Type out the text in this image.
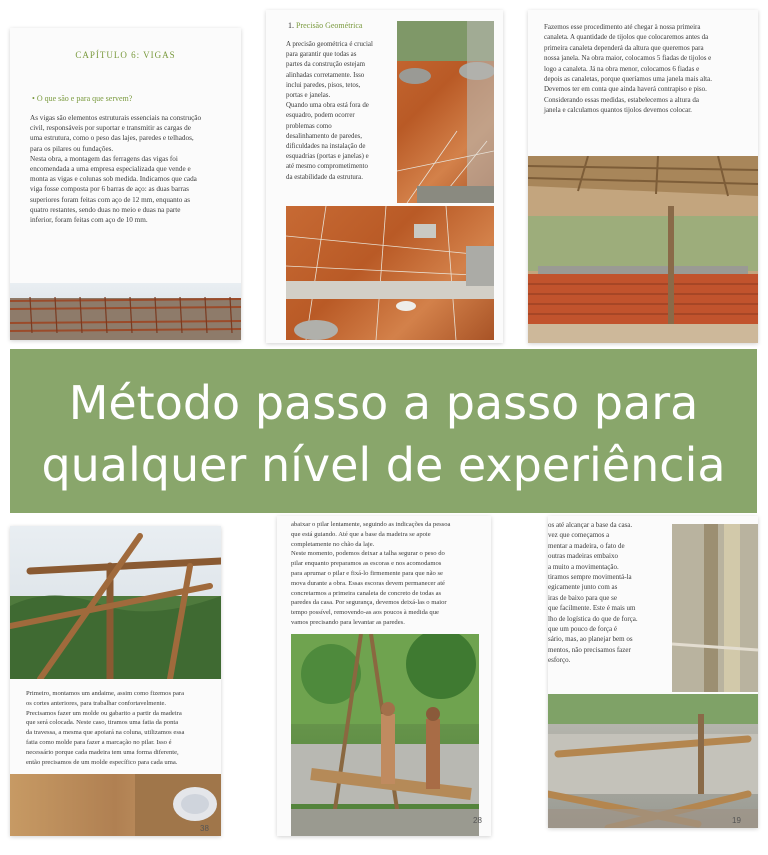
CAPÍTULO 6: VIGAS
• O que são e para que servem?
As vigas são elementos estruturais essenciais na construção
civil, responsáveis por suportar e transmitir as cargas de
uma estrutura, como o peso das lajes, paredes e telhados,
para os pilares ou fundações.
Nesta obra, a montagem das ferragens das vigas foi
encomendada a uma empresa especializada que vende e
monta as vigas e colunas sob medida. Indicamos que cada
viga fosse composta por 6 barras de aço: as duas barras
superiores foram feitas com aço de 12 mm, enquanto as
quatro restantes, sendo duas no meio e duas na parte
inferior, foram feitas com aço de 10 mm.
1. Precisão Geométrica
A precisão geométrica é crucial
para garantir que todas as
partes da construção estejam
alinhadas corretamente. Isso
inclui paredes, pisos, tetos,
portas e janelas.
Quando uma obra está fora de
esquadro, podem ocorrer
problemas como
desalinhamento de paredes,
dificuldades na instalação de
esquadrias (portas e janelas) e
até mesmo comprometimento
da estabilidade da estrutura.
Fazemos esse procedimento até chegar à nossa primeira
canaleta. A quantidade de tijolos que colocaremos antes da
primeira canaleta dependerá da altura que queremos para
nossa janela. Na obra maior, colocamos 5 fiadas de tijolos e
logo a canaleta. Já na obra menor, colocamos 6 fiadas e
depois as canaletas, porque queríamos uma janela mais alta.
Devemos ter em conta que ainda haverá contrapiso e piso.
Considerando essas medidas, estabelecemos a altura da
janela e calculamos quantos tijolos devemos colocar.
Método passo a passo para
qualquer nível de experiência
Primeiro, montamos um andaime, assim como fizemos para
os cortes anteriores, para trabalhar confortavelmente.
Precisamos fazer um molde ou gabarito a partir da madeira
que será colocada. Neste caso, tiramos uma fatia da ponta
da travessa, a mesma que apoiará na coluna, utilizamos essa
fatia como molde para fazer a marcação no pilar. Isso é
necessário porque cada madeira tem uma forma diferente,
então precisamos de um molde específico para cada uma.
38
abaixar o pilar lentamente, seguindo as indicações da pessoa
que está guiando. Até que a base da madeira se apoie
completamente no chão da laje.
Neste momento, podemos deixar a talha segurar o peso do
pilar enquanto preparamos as escoras e nos acomodamos
para aprumar o pilar e fixá-lo firmemente para que não se
mova durante a obra. Essas escoras devem permanecer até
concretarmos a primeira canaleta de concreto de todas as
paredes da casa. Por segurança, devemos deixá-las o maior
tempo possível, removendo-as aos poucos à medida que
vamos precisando para levantar as paredes.
28
os até alcançar a base da casa.
vez que começamos a
mentar a madeira, o fato de
outras madeiras embaixo
a muito a movimentação.
tiramos sempre movimentá-la
egicamente junto com as
iras de baixo para que se
que facilmente. Este é mais um
lho de logística do que de força.
que um pouco de força é
sário, mas, ao planejar bem os
mentos, não precisamos fazer
esforço.
19
